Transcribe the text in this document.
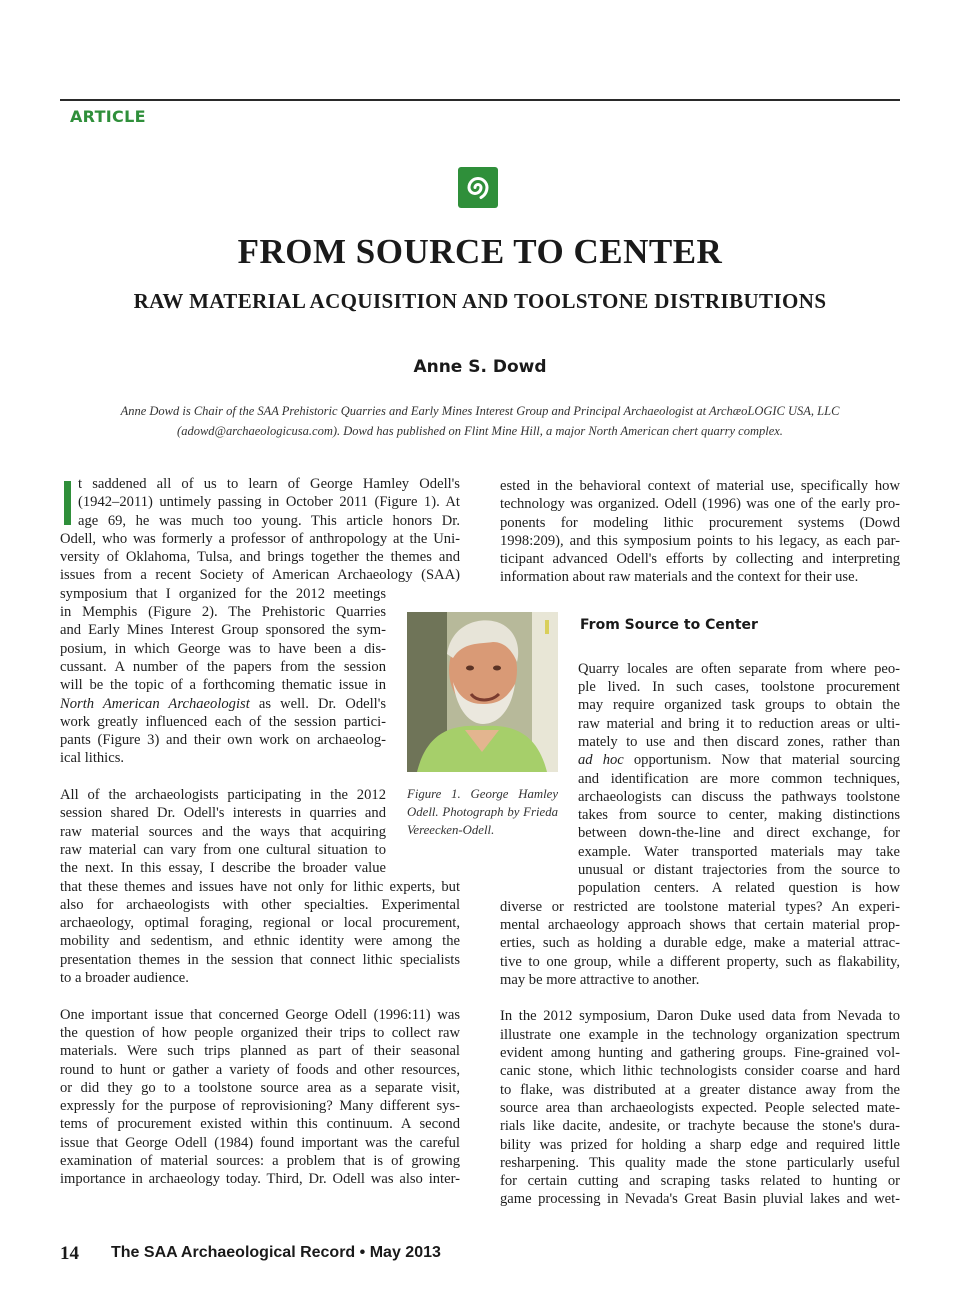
ARTICLE
FROM SOURCE TO CENTER
RAW MATERIAL ACQUISITION AND TOOLSTONE DISTRIBUTIONS
Anne S. Dowd
Anne Dowd is Chair of the SAA Prehistoric Quarries and Early Mines Interest Group and Principal Archaeologist at ArchæoLOGIC USA, LLC
(adowd@archaeologicusa.com). Dowd has published on Flint Mine Hill, a major North American chert quarry complex.
t saddened all of us to learn of George Hamley Odell's
(1942–2011) untimely passing in October 2011 (Figure 1). At
age 69, he was much too young. This article honors Dr.
Odell, who was formerly a professor of anthropology at the Uni-
versity of Oklahoma, Tulsa, and brings together the themes and
issues from a recent Society of American Archaeology (SAA)
symposium that I organized for the 2012 meetings
in Memphis (Figure 2). The Prehistoric Quarries
and Early Mines Interest Group sponsored the sym-
posium, in which George was to have been a dis-
cussant. A number of the papers from the session
will be the topic of a forthcoming thematic issue in
North American Archaeologist as well. Dr. Odell's
work greatly influenced each of the session partici-
pants (Figure 3) and their own work on archaeolog-
ical lithics.
All of the archaeologists participating in the 2012
session shared Dr. Odell's interests in quarries and
raw material sources and the ways that acquiring
raw material can vary from one cultural situation to
the next. In this essay, I describe the broader value
that these themes and issues have not only for lithic experts, but
also for archaeologists with other specialties. Experimental
archaeology, optimal foraging, regional or local procurement,
mobility and sedentism, and ethnic identity were among the
presentation themes in the session that connect lithic specialists
to a broader audience.
One important issue that concerned George Odell (1996:11) was
the question of how people organized their trips to collect raw
materials. Were such trips planned as part of their seasonal
round to hunt or gather a variety of foods and other resources,
or did they go to a toolstone source area as a separate visit,
expressly for the purpose of reprovisioning? Many different sys-
tems of procurement existed within this continuum. A second
issue that George Odell (1984) found important was the careful
examination of material sources: a problem that is of growing
importance in archaeology today. Third, Dr. Odell was also inter-
Figure 1. George Hamley Odell. Photograph by Frieda Vereecken-Odell.
ested in the behavioral context of material use, specifically how
technology was organized. Odell (1996) was one of the early pro-
ponents for modeling lithic procurement systems (Dowd
1998:209), and this symposium points to his legacy, as each par-
ticipant advanced Odell's efforts by collecting and interpreting
information about raw materials and the context for their use.
Quarry locales are often separate from where peo-
ple lived. In such cases, toolstone procurement
may require organized task groups to obtain the
raw material and bring it to reduction areas or ulti-
mately to use and then discard zones, rather than
ad hoc opportunism. Now that material sourcing
and identification are more common techniques,
archaeologists can discuss the pathways toolstone
takes from source to center, making distinctions
between down-the-line and direct exchange, for
example. Water transported materials may take
unusual or distant trajectories from the source to
population centers. A related question is how
diverse or restricted are toolstone material types? An experi-
mental archaeology approach shows that certain material prop-
erties, such as holding a durable edge, make a material attrac-
tive to one group, while a different property, such as flakability,
may be more attractive to another.
In the 2012 symposium, Daron Duke used data from Nevada to
illustrate one example in the technology organization spectrum
evident among hunting and gathering groups. Fine-grained vol-
canic stone, which lithic technologists consider coarse and hard
to flake, was distributed at a greater distance away from the
source area than archaeologists expected. People selected mate-
rials like dacite, andesite, or trachyte because the stone's dura-
bility was prized for holding a sharp edge and required little
resharpening. This quality made the stone particularly useful
for certain cutting and scraping tasks related to hunting or
game processing in Nevada's Great Basin pluvial lakes and wet-
From Source to Center
14 The SAA Archaeological Record • May 2013
